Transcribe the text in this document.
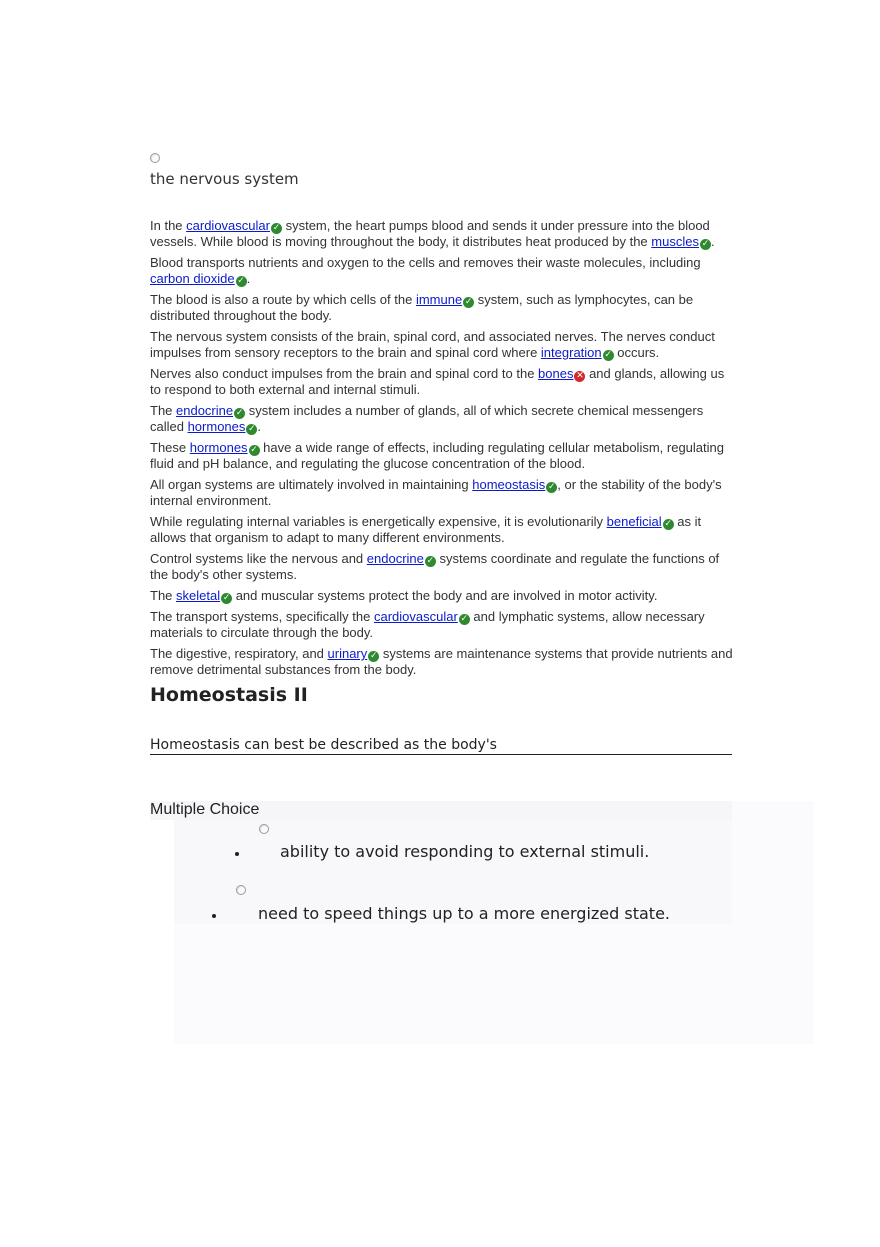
the nervous system

In the cardiovascular ✓ system, the heart pumps blood and sends it under pressure into the blood vessels. While blood is moving throughout the body, it distributes heat produced by the muscles ✓ .

Blood transports nutrients and oxygen to the cells and removes their waste molecules, including carbon dioxide ✓ .

The blood is also a route by which cells of the immune ✓ system, such as lymphocytes, can be distributed throughout the body.

The nervous system consists of the brain, spinal cord, and associated nerves. The nerves conduct impulses from sensory receptors to the brain and spinal cord where integration ✓ occurs.

Nerves also conduct impulses from the brain and spinal cord to the bones ✕ and glands, allowing us to respond to both external and internal stimuli.

The endocrine ✓ system includes a number of glands, all of which secrete chemical messengers called hormones ✓ .

These hormones ✓ have a wide range of effects, including regulating cellular metabolism, regulating fluid and pH balance, and regulating the glucose concentration of the blood.

All organ systems are ultimately involved in maintaining homeostasis ✓ , or the stability of the body's internal environment.

While regulating internal variables is energetically expensive, it is evolutionarily beneficial ✓ as it allows that organism to adapt to many different environments.

Control systems like the nervous and endocrine ✓ systems coordinate and regulate the functions of the body's other systems.

The skeletal ✓ and muscular systems protect the body and are involved in motor activity.

The transport systems, specifically the cardiovascular ✓ and lymphatic systems, allow necessary materials to circulate through the body.

The digestive, respiratory, and urinary ✓ systems are maintenance systems that provide nutrients and remove detrimental substances from the body.

Homeostasis II
Homeostasis can best be described as the body's
Multiple Choice
ability to avoid responding to external stimuli.
need to speed things up to a more energized state.
